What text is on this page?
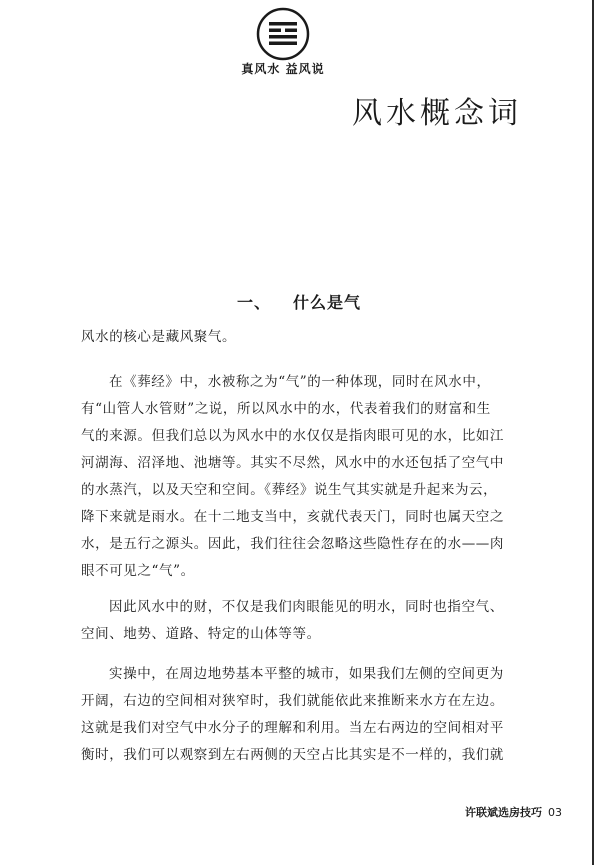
真风水 益风说
风水概念词
一、 什么是气
风水的核心是藏风聚气。
在《葬经》中，水被称之为“气”的一种体现，同时在风水中，
有“山管人水管财”之说，所以风水中的水，代表着我们的财富和生
气的来源。但我们总以为风水中的水仅仅是指肉眼可见的水，比如江
河湖海、沼泽地、池塘等。其实不尽然，风水中的水还包括了空气中
的水蒸汽，以及天空和空间。《葬经》说生气其实就是升起来为云，
降下来就是雨水。在十二地支当中，亥就代表天门，同时也属天空之
水，是五行之源头。因此，我们往往会忽略这些隐性存在的水——肉
眼不可见之“气”。
因此风水中的财，不仅是我们肉眼能见的明水，同时也指空气、
空间、地势、道路、特定的山体等等。
实操中，在周边地势基本平整的城市，如果我们左侧的空间更为
开阔，右边的空间相对狭窄时，我们就能依此来推断来水方在左边。
这就是我们对空气中水分子的理解和利用。当左右两边的空间相对平
衡时，我们可以观察到左右两侧的天空占比其实是不一样的，我们就
许联斌选房技巧 03
